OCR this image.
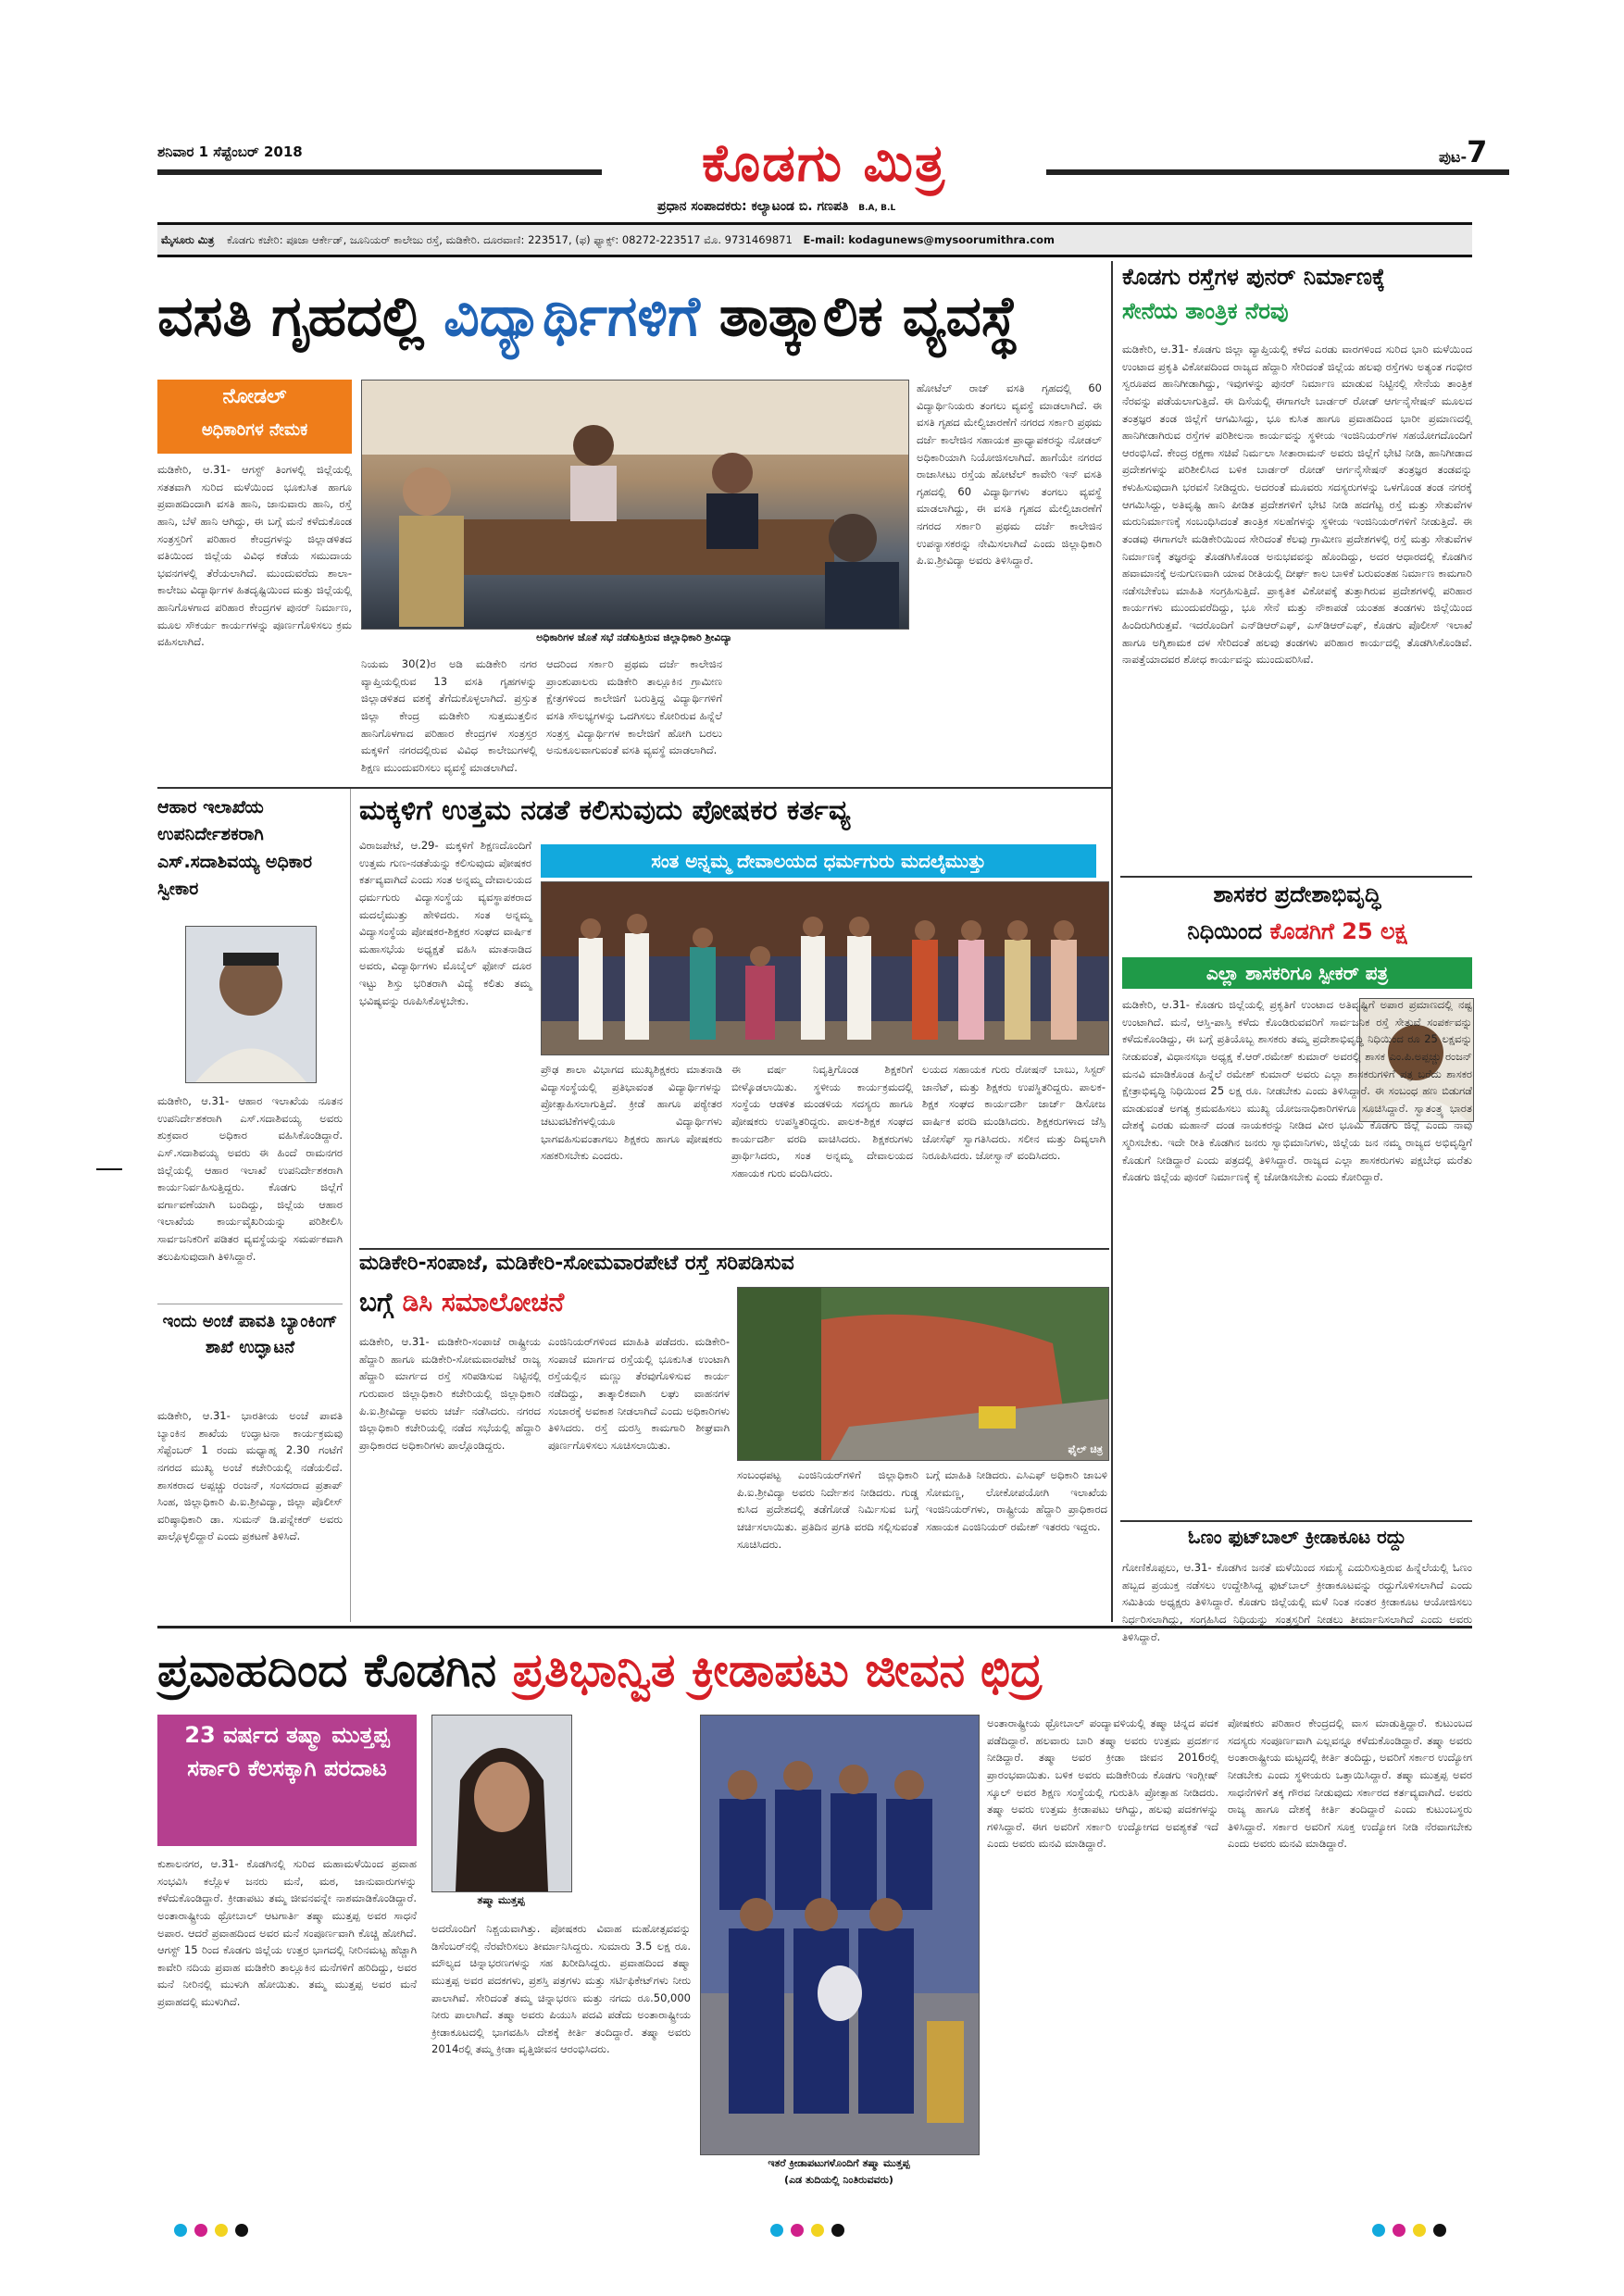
ಶನಿವಾರ 1 ಸೆಪ್ಟೆಂಬರ್ 2018	ಕೊಡಗು ಮಿತ್ರ
ಪ್ರಧಾನ ಸಂಪಾದಕರು: ಕಲ್ಯಾಟಂಡ ಬಿ. ಗಣಪತಿ B.A, B.L
ಪುಟ-7
ಮೈಸೂರು ಮಿತ್ರ ಕೊಡಗು ಕಚೇರಿ: ಪೂಜಾ ಆರ್ಕೇಡ್, ಜೂನಿಯರ್ ಕಾಲೇಜು ರಸ್ತೆ, ಮಡಿಕೇರಿ. ದೂರವಾಣಿ: 223517, (ಫ) ಫ್ಯಾಕ್ಸ್: 08272-223517 ಮೊ. 9731469871 E-mail: kodagunews@mysoorumithra.com
ವಸತಿ ಗೃಹದಲ್ಲಿ ವಿದ್ಯಾರ್ಥಿಗಳಿಗೆ ತಾತ್ಕಾಲಿಕ ವ್ಯವಸ್ಥೆ
ನೋಡಲ್
ಅಧಿಕಾರಿಗಳ ನೇಮಕ
ಮಡಿಕೇರಿ, ಆ.31- ಆಗಸ್ಟ್ ತಿಂಗಳಲ್ಲಿ ಜಿಲ್ಲೆಯಲ್ಲಿ ಸತತವಾಗಿ ಸುರಿದ ಮಳೆಯಿಂದ ಭೂಕುಸಿತ ಹಾಗೂ ಪ್ರವಾಹದಿಂದಾಗಿ ವಸತಿ ಹಾನಿ, ಜಾನುವಾರು ಹಾನಿ, ರಸ್ತೆ ಹಾನಿ, ಬೆಳೆ ಹಾನಿ ಆಗಿದ್ದು, ಈ ಬಗ್ಗೆ ಮನೆ ಕಳೆದುಕೊಂಡ ಸಂತ್ರಸ್ತರಿಗೆ ಪರಿಹಾರ ಕೇಂದ್ರಗಳನ್ನು ಜಿಲ್ಲಾಡಳಿತದ ವತಿಯಿಂದ ಜಿಲ್ಲೆಯ ವಿವಿಧ ಕಡೆಯ ಸಮುದಾಯ ಭವನಗಳಲ್ಲಿ ತೆರೆಯಲಾಗಿದೆ. ಮುಂದುವರೆದು ಶಾಲಾ-ಕಾಲೇಜು ವಿದ್ಯಾರ್ಥಿಗಳ ಹಿತದೃಷ್ಟಿಯಿಂದ ಮತ್ತು ಜಿಲ್ಲೆಯಲ್ಲಿ ಹಾನಿಗೊಳಗಾದ ಪರಿಹಾರ ಕೇಂದ್ರಗಳ ಪುನರ್ ನಿರ್ಮಾಣ, ಮೂಲ ಸೌಕರ್ಯ ಕಾರ್ಯಗಳನ್ನು ಪೂರ್ಣಗೊಳಿಸಲು ಕ್ರಮ ವಹಿಸಲಾಗಿದೆ.	ಅಧಿಕಾರಿಗಳ ಜೊತೆ ಸಭೆ ನಡೆಸುತ್ತಿರುವ ಜಿಲ್ಲಾಧಿಕಾರಿ ಶ್ರೀವಿದ್ಯಾ
ನಿಯಮ 30(2)ರ ಅಡಿ ಮಡಿಕೇರಿ ನಗರ ವ್ಯಾಪ್ತಿಯಲ್ಲಿರುವ 13 ವಸತಿ ಗೃಹಗಳನ್ನು ಜಿಲ್ಲಾಡಳಿತದ ವಶಕ್ಕೆ ತೆಗೆದುಕೊಳ್ಳಲಾಗಿದೆ. ಪ್ರಸ್ತುತ ಜಿಲ್ಲಾ ಕೇಂದ್ರ ಮಡಿಕೇರಿ ಸುತ್ತಮುತ್ತಲಿನ ಹಾನಿಗೊಳಗಾದ ಪರಿಹಾರ ಕೇಂದ್ರಗಳ ಸಂತ್ರಸ್ತರ ಮಕ್ಕಳಿಗೆ ನಗರದಲ್ಲಿರುವ ವಿವಿಧ ಕಾಲೇಜುಗಳಲ್ಲಿ ಶಿಕ್ಷಣ ಮುಂದುವರಿಸಲು ವ್ಯವಸ್ಥೆ ಮಾಡಲಾಗಿದೆ.
ಆದರಿಂದ ಸರ್ಕಾರಿ ಪ್ರಥಮ ದರ್ಜೆ ಕಾಲೇಜಿನ ಪ್ರಾಂಶುಪಾಲರು ಮಡಿಕೇರಿ ತಾಲ್ಲೂಕಿನ ಗ್ರಾಮೀಣ ಕ್ಷೇತ್ರಗಳಿಂದ ಕಾಲೇಜಿಗೆ ಬರುತ್ತಿದ್ದ ವಿದ್ಯಾರ್ಥಿಗಳಿಗೆ ವಸತಿ ಸೌಲಭ್ಯಗಳನ್ನು ಒದಗಿಸಲು ಕೋರಿರುವ ಹಿನ್ನೆಲೆ ಸಂತ್ರಸ್ತ ವಿದ್ಯಾರ್ಥಿಗಳ ಕಾಲೇಜಿಗೆ ಹೋಗಿ ಬರಲು ಅನುಕೂಲವಾಗುವಂತೆ ವಸತಿ ವ್ಯವಸ್ಥೆ ಮಾಡಲಾಗಿದೆ.
ಹೋಟೆಲ್ ರಾಜ್ ವಸತಿ ಗೃಹದಲ್ಲಿ 60 ವಿದ್ಯಾರ್ಥಿನಿಯರು ತಂಗಲು ವ್ಯವಸ್ಥೆ ಮಾಡಲಾಗಿದೆ. ಈ ವಸತಿ ಗೃಹದ ಮೇಲ್ವಿಚಾರಣೆಗೆ ನಗರದ ಸರ್ಕಾರಿ ಪ್ರಥಮ ದರ್ಜೆ ಕಾಲೇಜಿನ ಸಹಾಯಕ ಪ್ರಾಧ್ಯಾಪಕರನ್ನು ನೋಡಲ್ ಅಧಿಕಾರಿಯಾಗಿ ನಿಯೋಜಿಸಲಾಗಿದೆ. ಹಾಗೆಯೇ ನಗರದ ರಾಜಾಸೀಟು ರಸ್ತೆಯ ಹೋಟೆಲ್ ಕಾವೇರಿ ಇನ್ ವಸತಿ ಗೃಹದಲ್ಲಿ 60 ವಿದ್ಯಾರ್ಥಿಗಳು ತಂಗಲು ವ್ಯವಸ್ಥೆ ಮಾಡಲಾಗಿದ್ದು, ಈ ವಸತಿ ಗೃಹದ ಮೇಲ್ವಿಚಾರಣೆಗೆ ನಗರದ ಸರ್ಕಾರಿ ಪ್ರಥಮ ದರ್ಜೆ ಕಾಲೇಜಿನ ಉಪನ್ಯಾಸಕರನ್ನು ನೇಮಿಸಲಾಗಿದೆ ಎಂದು ಜಿಲ್ಲಾಧಿಕಾರಿ ಪಿ.ಐ.ಶ್ರೀವಿದ್ಯಾ ಅವರು ತಿಳಿಸಿದ್ದಾರೆ.
ಕೊಡಗು ರಸ್ತೆಗಳ ಪುನರ್ ನಿರ್ಮಾಣಕ್ಕೆ
ಸೇನೆಯ ತಾಂತ್ರಿಕ ನೆರವು
ಮಡಿಕೇರಿ, ಆ.31- ಕೊಡಗು ಜಿಲ್ಲಾ ವ್ಯಾಪ್ತಿಯಲ್ಲಿ ಕಳೆದ ಎರಡು ವಾರಗಳಿಂದ ಸುರಿದ ಭಾರಿ ಮಳೆಯಿಂದ ಉಂಟಾದ ಪ್ರಕೃತಿ ವಿಕೋಪದಿಂದ ರಾಜ್ಯದ ಹೆದ್ದಾರಿ ಸೇರಿದಂತೆ ಜಿಲ್ಲೆಯ ಹಲವು ರಸ್ತೆಗಳು ಅತ್ಯಂತ ಗಂಭೀರ ಸ್ವರೂಪದ ಹಾನಿಗೀಡಾಗಿದ್ದು, ಇವುಗಳನ್ನು ಪುನರ್ ನಿರ್ಮಾಣ ಮಾಡುವ ನಿಟ್ಟಿನಲ್ಲಿ ಸೇನೆಯ ತಾಂತ್ರಿಕ ನೆರವನ್ನು ಪಡೆಯಲಾಗುತ್ತಿದೆ. ಈ ದಿಸೆಯಲ್ಲಿ ಈಗಾಗಲೇ ಬಾರ್ಡರ್ ರೋಡ್ ಆರ್ಗನೈಸೇಷನ್ ಮೂಲದ ತಂತ್ರಜ್ಞರ ತಂಡ ಜಿಲ್ಲೆಗೆ ಆಗಮಿಸಿದ್ದು, ಭೂ ಕುಸಿತ ಹಾಗೂ ಪ್ರವಾಹದಿಂದ ಭಾರೀ ಪ್ರಮಾಣದಲ್ಲಿ ಹಾನಿಗೀಡಾಗಿರುವ ರಸ್ತೆಗಳ ಪರಿಶೀಲನಾ ಕಾರ್ಯವನ್ನು ಸ್ಥಳೀಯ ಇಂಜಿನಿಯರ್‌ಗಳ ಸಹಯೋಗದೊಂದಿಗೆ ಆರಂಭಿಸಿದೆ. ಕೇಂದ್ರ ರಕ್ಷಣಾ ಸಚಿವೆ ನಿರ್ಮಲಾ ಸೀತಾರಾಮನ್ ಅವರು ಜಿಲ್ಲೆಗೆ ಭೇಟಿ ನೀಡಿ, ಹಾನಿಗೀಡಾದ ಪ್ರದೇಶಗಳನ್ನು ಪರಿಶೀಲಿಸಿದ ಬಳಿಕ ಬಾರ್ಡರ್ ರೋಡ್ ಆರ್ಗನೈಸೇಷನ್ ತಂತ್ರಜ್ಞರ ತಂಡವನ್ನು ಕಳುಹಿಸುವುದಾಗಿ ಭರವಸೆ ನೀಡಿದ್ದರು. ಅದರಂತೆ ಮೂವರು ಸದಸ್ಯರುಗಳನ್ನು ಒಳಗೊಂಡ ತಂಡ ನಗರಕ್ಕೆ ಆಗಮಿಸಿದ್ದು, ಅತಿವೃಷ್ಟಿ ಹಾನಿ ಪೀಡಿತ ಪ್ರದೇಶಗಳಿಗೆ ಭೇಟಿ ನೀಡಿ ಹದಗೆಟ್ಟ ರಸ್ತೆ ಮತ್ತು ಸೇತುವೆಗಳ ಮರುನಿರ್ಮಾಣಕ್ಕೆ ಸಂಬಂಧಿಸಿದಂತೆ ತಾಂತ್ರಿಕ ಸಲಹೆಗಳನ್ನು ಸ್ಥಳೀಯ ಇಂಜಿನಿಯರ್‌ಗಳಿಗೆ ನೀಡುತ್ತಿದೆ. ಈ ತಂಡವು ಈಗಾಗಲೇ ಮಡಿಕೇರಿಯಿಂದ ಸೇರಿದಂತೆ ಕೆಲವು ಗ್ರಾಮೀಣ ಪ್ರದೇಶಗಳಲ್ಲಿ ರಸ್ತೆ ಮತ್ತು ಸೇತುವೆಗಳ ನಿರ್ಮಾಣಕ್ಕೆ ತಜ್ಞರನ್ನು ತೊಡಗಿಸಿಕೊಂಡ ಅನುಭವವನ್ನು ಹೊಂದಿದ್ದು, ಅದರ ಆಧಾರದಲ್ಲಿ ಕೊಡಗಿನ ಹವಾಮಾನಕ್ಕೆ ಅನುಗುಣವಾಗಿ ಯಾವ ರೀತಿಯಲ್ಲಿ ದೀರ್ಘ ಕಾಲ ಬಾಳಿಕೆ ಬರುವಂತಹ ನಿರ್ಮಾಣ ಕಾಮಗಾರಿ ನಡೆಸಬೇಕೆಂಬ ಮಾಹಿತಿ ಸಂಗ್ರಹಿಸುತ್ತಿದೆ. ಪ್ರಾಕೃತಿಕ ವಿಕೋಪಕ್ಕೆ ತುತ್ತಾಗಿರುವ ಪ್ರದೇಶಗಳಲ್ಲಿ ಪರಿಹಾರ ಕಾರ್ಯಗಳು ಮುಂದುವರೆದಿದ್ದು, ಭೂ ಸೇನೆ ಮತ್ತು ನೌಕಾಪಡೆ ಯಂತಹ ತಂಡಗಳು ಜಿಲ್ಲೆಯಿಂದ ಹಿಂದಿರುಗಿರುತ್ತವೆ. ಇದರೊಂದಿಗೆ ಎನ್‌ಡಿಆರ್‌ಎಫ್, ಎಸ್‌ಡಿಆರ್‌ಎಫ್, ಕೊಡಗು ಪೊಲೀಸ್ ಇಲಾಖೆ ಹಾಗೂ ಅಗ್ನಿಶಾಮಕ ದಳ ಸೇರಿದಂತೆ ಹಲವು ತಂಡಗಳು ಪರಿಹಾರ ಕಾರ್ಯದಲ್ಲಿ ತೊಡಗಿಸಿಕೊಂಡಿವೆ. ನಾಪತ್ತೆಯಾದವರ ಶೋಧ ಕಾರ್ಯವನ್ನು ಮುಂದುವರಿಸಿವೆ.
ಆಹಾರ ಇಲಾಖೆಯ ಉಪನಿರ್ದೇಶಕರಾಗಿ ಎಸ್.ಸದಾಶಿವಯ್ಯ ಅಧಿಕಾರ ಸ್ವೀಕಾರ
ಮಡಿಕೇರಿ, ಆ.31- ಆಹಾರ ಇಲಾಖೆಯ ನೂತನ ಉಪನಿರ್ದೇಶಕರಾಗಿ ಎಸ್.ಸದಾಶಿವಯ್ಯ ಅವರು ಶುಕ್ರವಾರ ಅಧಿಕಾರ ವಹಿಸಿಕೊಂಡಿದ್ದಾರೆ. ಎಸ್.ಸದಾಶಿವಯ್ಯ ಅವರು ಈ ಹಿಂದೆ ರಾಮನಗರ ಜಿಲ್ಲೆಯಲ್ಲಿ ಆಹಾರ ಇಲಾಖೆ ಉಪನಿರ್ದೇಶಕರಾಗಿ ಕಾರ್ಯನಿರ್ವಹಿಸುತ್ತಿದ್ದರು. ಕೊಡಗು ಜಿಲ್ಲೆಗೆ ವರ್ಗಾವಣೆಯಾಗಿ ಬಂದಿದ್ದು, ಜಿಲ್ಲೆಯ ಆಹಾರ ಇಲಾಖೆಯ ಕಾರ್ಯವೈಖರಿಯನ್ನು ಪರಿಶೀಲಿಸಿ ಸಾರ್ವಜನಿಕರಿಗೆ ಪಡಿತರ ವ್ಯವಸ್ಥೆಯನ್ನು ಸಮರ್ಪಕವಾಗಿ ತಲುಪಿಸುವುದಾಗಿ ತಿಳಿಸಿದ್ದಾರೆ.
ಇಂದು ಅಂಚೆ ಪಾವತಿ ಬ್ಯಾಂಕಿಂಗ್ ಶಾಖೆ ಉದ್ಘಾಟನೆ
ಮಡಿಕೇರಿ, ಆ.31- ಭಾರತೀಯ ಅಂಚೆ ಪಾವತಿ ಬ್ಯಾಂಕಿನ ಶಾಖೆಯ ಉದ್ಘಾಟನಾ ಕಾರ್ಯಕ್ರಮವು ಸೆಪ್ಟೆಂಬರ್ 1 ರಂದು ಮಧ್ಯಾಹ್ನ 2.30 ಗಂಟೆಗೆ ನಗರದ ಮುಖ್ಯ ಅಂಚೆ ಕಚೇರಿಯಲ್ಲಿ ನಡೆಯಲಿದೆ. ಶಾಸಕರಾದ ಅಪ್ಪಚ್ಚು ರಂಜನ್, ಸಂಸದರಾದ ಪ್ರತಾಪ್ ಸಿಂಹ, ಜಿಲ್ಲಾಧಿಕಾರಿ ಪಿ.ಐ.ಶ್ರೀವಿದ್ಯಾ, ಜಿಲ್ಲಾ ಪೊಲೀಸ್ ವರಿಷ್ಠಾಧಿಕಾರಿ ಡಾ. ಸುಮನ್ ಡಿ.ಪನ್ನೇಕರ್ ಅವರು ಪಾಲ್ಗೊಳ್ಳಲಿದ್ದಾರೆ ಎಂದು ಪ್ರಕಟಣೆ ತಿಳಿಸಿದೆ.
ಮಕ್ಕಳಿಗೆ ಉತ್ತಮ ನಡತೆ ಕಲಿಸುವುದು ಪೋಷಕರ ಕರ್ತವ್ಯ
ಸಂತ ಅನ್ನಮ್ಮ ದೇವಾಲಯದ ಧರ್ಮಗುರು ಮದಲೈಮುತ್ತು
ವಿರಾಜಪೇಟೆ, ಆ.29- ಮಕ್ಕಳಿಗೆ ಶಿಕ್ಷಣದೊಂದಿಗೆ ಉತ್ತಮ ಗುಣ-ನಡತೆಯನ್ನು ಕಲಿಸುವುದು ಪೋಷಕರ ಕರ್ತವ್ಯವಾಗಿದೆ ಎಂದು ಸಂತ ಅನ್ನಮ್ಮ ದೇವಾಲಯದ ಧರ್ಮಗುರು ವಿದ್ಯಾಸಂಸ್ಥೆಯ ವ್ಯವಸ್ಥಾಪಕರಾದ ಮದಲೈಮುತ್ತು ಹೇಳಿದರು. ಸಂತ ಅನ್ನಮ್ಮ ವಿದ್ಯಾಸಂಸ್ಥೆಯ ಪೋಷಕರ-ಶಿಕ್ಷಕರ ಸಂಘದ ವಾರ್ಷಿಕ ಮಹಾಸಭೆಯ ಅಧ್ಯಕ್ಷತೆ ವಹಿಸಿ ಮಾತನಾಡಿದ ಅವರು, ವಿದ್ಯಾರ್ಥಿಗಳು ಮೊಬೈಲ್ ಫೋನ್ ದೂರ ಇಟ್ಟು ಶಿಸ್ತು ಭರಿತರಾಗಿ ವಿದ್ಯೆ ಕಲಿತು ತಮ್ಮ ಭವಿಷ್ಯವನ್ನು ರೂಪಿಸಿಕೊಳ್ಳಬೇಕು.
ಪ್ರೌಢ ಶಾಲಾ ವಿಭಾಗದ ಮುಖ್ಯಶಿಕ್ಷಕರು ಮಾತನಾಡಿ ವಿದ್ಯಾಸಂಸ್ಥೆಯಲ್ಲಿ ಪ್ರತಿಭಾವಂತ ವಿದ್ಯಾರ್ಥಿಗಳನ್ನು ಪ್ರೋತ್ಸಾಹಿಸಲಾಗುತ್ತಿದೆ. ಕ್ರೀಡೆ ಹಾಗೂ ಪಠ್ಯೇತರ ಚಟುವಟಿಕೆಗಳಲ್ಲಿಯೂ ವಿದ್ಯಾರ್ಥಿಗಳು ಭಾಗವಹಿಸುವಂತಾಗಲು ಶಿಕ್ಷಕರು ಹಾಗೂ ಪೋಷಕರು ಸಹಕರಿಸಬೇಕು ಎಂದರು.
ಈ ವರ್ಷ ನಿವೃತ್ತಿಗೊಂಡ ಶಿಕ್ಷಕರಿಗೆ ಬೀಳ್ಕೊಡಲಾಯಿತು. ಸ್ಥಳೀಯ ಕಾರ್ಯಕ್ರಮದಲ್ಲಿ ಸಂಸ್ಥೆಯ ಆಡಳಿತ ಮಂಡಳಿಯ ಸದಸ್ಯರು ಹಾಗೂ ಪೋಷಕರು ಉಪಸ್ಥಿತರಿದ್ದರು. ಪಾಲಕ-ಶಿಕ್ಷಕ ಸಂಘದ ಕಾರ್ಯದರ್ಶಿ ವರದಿ ವಾಚಿಸಿದರು. ಶಿಕ್ಷಕರುಗಳು ಪ್ರಾರ್ಥಿಸಿದರು, ಸಂತ ಅನ್ನಮ್ಮ ದೇವಾಲಯದ ಸಹಾಯಕ ಗುರು ವಂದಿಸಿದರು.
ಲಯದ ಸಹಾಯಕ ಗುರು ರೋಷನ್ ಬಾಬು, ಸಿಸ್ಟರ್ ಜಾನೆಟ್, ಮತ್ತು ಶಿಕ್ಷಕರು ಉಪಸ್ಥಿತರಿದ್ದರು. ಪಾಲಕ-ಶಿಕ್ಷಕ ಸಂಘದ ಕಾರ್ಯದರ್ಶಿ ಜಾರ್ಜ್ ಡಿಸೋಜ ವಾರ್ಷಿಕ ವರದಿ ಮಂಡಿಸಿದರು. ಶಿಕ್ಷಕರುಗಳಾದ ಜೆಸ್ಸಿ ಜೋಸೆಫ್ ಸ್ವಾಗತಿಸಿದರು. ಸಲೀನ ಮತ್ತು ದಿವ್ಯಲಾಗಿ ನಿರೂಪಿಸಿದರು. ಜೋಸ್ವಾನ್ ವಂದಿಸಿದರು.
ಮಡಿಕೇರಿ-ಸಂಪಾಜೆ, ಮಡಿಕೇರಿ-ಸೋಮವಾರಪೇಟೆ ರಸ್ತೆ ಸರಿಪಡಿಸುವ
ಬಗ್ಗೆ ಡಿಸಿ ಸಮಾಲೋಚನೆ
ಫೈಲ್ ಚಿತ್ರ
ಮಡಿಕೇರಿ, ಆ.31- ಮಡಿಕೇರಿ-ಸಂಪಾಜೆ ರಾಷ್ಟ್ರೀಯ ಹೆದ್ದಾರಿ ಹಾಗೂ ಮಡಿಕೇರಿ-ಸೋಮವಾರಪೇಟೆ ರಾಜ್ಯ ಹೆದ್ದಾರಿ ಮಾರ್ಗದ ರಸ್ತೆ ಸರಿಪಡಿಸುವ ನಿಟ್ಟಿನಲ್ಲಿ ಗುರುವಾರ ಜಿಲ್ಲಾಧಿಕಾರಿ ಕಚೇರಿಯಲ್ಲಿ ಜಿಲ್ಲಾಧಿಕಾರಿ ಪಿ.ಐ.ಶ್ರೀವಿದ್ಯಾ ಅವರು ಚರ್ಚೆ ನಡೆಸಿದರು. ನಗರದ ಜಿಲ್ಲಾಧಿಕಾರಿ ಕಚೇರಿಯಲ್ಲಿ ನಡೆದ ಸಭೆಯಲ್ಲಿ ಹೆದ್ದಾರಿ ಪ್ರಾಧಿಕಾರದ ಅಧಿಕಾರಿಗಳು ಪಾಲ್ಗೊಂಡಿದ್ದರು.
ಎಂಜಿನಿಯರ್‌ಗಳಿಂದ ಮಾಹಿತಿ ಪಡೆದರು. ಮಡಿಕೇರಿ-ಸಂಪಾಜೆ ಮಾರ್ಗದ ರಸ್ತೆಯಲ್ಲಿ ಭೂಕುಸಿತ ಉಂಟಾಗಿ ರಸ್ತೆಯಲ್ಲಿನ ಮಣ್ಣು ತೆರವುಗೊಳಿಸುವ ಕಾರ್ಯ ನಡೆದಿದ್ದು, ತಾತ್ಕಾಲಿಕವಾಗಿ ಲಘು ವಾಹನಗಳ ಸಂಚಾರಕ್ಕೆ ಅವಕಾಶ ನೀಡಲಾಗಿದೆ ಎಂದು ಅಧಿಕಾರಿಗಳು ತಿಳಿಸಿದರು. ರಸ್ತೆ ದುರಸ್ತಿ ಕಾಮಗಾರಿ ಶೀಘ್ರವಾಗಿ ಪೂರ್ಣಗೊಳಿಸಲು ಸೂಚಿಸಲಾಯಿತು.
ಸಂಬಂಧಪಟ್ಟ ಎಂಜಿನಿಯರ್‌ಗಳಿಗೆ ಜಿಲ್ಲಾಧಿಕಾರಿ ಪಿ.ಐ.ಶ್ರೀವಿದ್ಯಾ ಅವರು ನಿರ್ದೇಶನ ನೀಡಿದರು. ಗುಡ್ಡ ಕುಸಿದ ಪ್ರದೇಶದಲ್ಲಿ ತಡೆಗೋಡೆ ನಿರ್ಮಿಸುವ ಬಗ್ಗೆ ಚರ್ಚಿಸಲಾಯಿತು. ಪ್ರತಿದಿನ ಪ್ರಗತಿ ವರದಿ ಸಲ್ಲಿಸುವಂತೆ ಸೂಚಿಸಿದರು.
ಬಗ್ಗೆ ಮಾಹಿತಿ ನೀಡಿದರು. ಎಸಿಎಫ್ ಅಧಿಕಾರಿ ಜಾಬಳಿ ಸೋಮಣ್ಣ, ಲೋಕೋಪಯೋಗಿ ಇಲಾಖೆಯ ಇಂಜಿನಿಯರ್‌ಗಳು, ರಾಷ್ಟ್ರೀಯ ಹೆದ್ದಾರಿ ಪ್ರಾಧಿಕಾರದ ಸಹಾಯಕ ಎಂಜಿನಿಯರ್ ರಮೇಶ್ ಇತರರು ಇದ್ದರು.
ಶಾಸಕರ ಪ್ರದೇಶಾಭಿವೃದ್ಧಿ
ನಿಧಿಯಿಂದ ಕೊಡಗಿಗೆ 25 ಲಕ್ಷ
ಎಲ್ಲಾ ಶಾಸಕರಿಗೂ ಸ್ಪೀಕರ್ ಪತ್ರ
ಮಡಿಕೇರಿ, ಆ.31- ಕೊಡಗು ಜಿಲ್ಲೆಯಲ್ಲಿ ಪ್ರಕೃತಿಗೆ ಉಂಟಾದ ಅತಿವೃಷ್ಟಿಗೆ ಅಪಾರ ಪ್ರಮಾಣದಲ್ಲಿ ನಷ್ಟ ಉಂಟಾಗಿದೆ. ಮನೆ, ಆಸ್ತಿ-ಪಾಸ್ತಿ ಕಳೆದು ಕೊಂಡಿರುವವರಿಗೆ ಸಾರ್ವಜನಿಕ ರಸ್ತೆ ಸೇತುವೆ ಸಂಪರ್ಕವನ್ನು ಕಳೆದುಕೊಂಡಿದ್ದು, ಈ ಬಗ್ಗೆ ಪ್ರತಿಯೊಬ್ಬ ಶಾಸಕರು ತಮ್ಮ ಪ್ರದೇಶಾಭಿವೃದ್ಧಿ ನಿಧಿಯಿಂದ ರೂ 25 ಲಕ್ಷವನ್ನು ನೀಡುವಂತೆ, ವಿಧಾನಸಭಾ ಅಧ್ಯಕ್ಷ ಕೆ.ಆರ್.ರಮೇಶ್ ಕುಮಾರ್ ಅವರಲ್ಲಿ ಶಾಸಕ ಎಂ.ಪಿ.ಅಪ್ಪಚ್ಚು ರಂಜನ್ ಮನವಿ ಮಾಡಿಕೊಂಡ ಹಿನ್ನೆಲೆ ರಮೇಶ್ ಕುಮಾರ್ ಅವರು ಎಲ್ಲಾ ಶಾಸಕರುಗಳಿಗೆ ಪತ್ರ ಬರೆದು ಶಾಸಕರ ಕ್ಷೇತ್ರಾಭಿವೃದ್ಧಿ ನಿಧಿಯಿಂದ 25 ಲಕ್ಷ ರೂ. ನೀಡಬೇಕು ಎಂದು ತಿಳಿಸಿದ್ದಾರೆ. ಈ ಸಂಬಂಧ ಹಣ ಬಿಡುಗಡೆ ಮಾಡುವಂತೆ ಅಗತ್ಯ ಕ್ರಮವಹಿಸಲು ಮುಖ್ಯ ಯೋಜನಾಧಿಕಾರಿಗಳಿಗೂ ಸೂಚಿಸಿದ್ದಾರೆ. ಸ್ವಾತಂತ್ರ್ಯ ಭಾರತ ದೇಶಕ್ಕೆ ಎರಡು ಮಹಾನ್ ದಂಡ ನಾಯಕರನ್ನು ನೀಡಿದ ವೀರ ಭೂಮಿ ಕೊಡಗು ಜಿಲ್ಲೆ ಎಂದು ನಾವು ಸ್ಮರಿಸಬೇಕು. ಇದೇ ರೀತಿ ಕೊಡಗಿನ ಜನರು ಸ್ವಾಭಿಮಾನಿಗಳು, ಜಿಲ್ಲೆಯ ಜನ ನಮ್ಮ ರಾಜ್ಯದ ಅಭಿವೃದ್ಧಿಗೆ ಕೊಡುಗೆ ನೀಡಿದ್ದಾರೆ ಎಂದು ಪತ್ರದಲ್ಲಿ ತಿಳಿಸಿದ್ದಾರೆ. ರಾಜ್ಯದ ಎಲ್ಲಾ ಶಾಸಕರುಗಳು ಪಕ್ಷಬೇಧ ಮರೆತು ಕೊಡಗು ಜಿಲ್ಲೆಯ ಪುನರ್ ನಿರ್ಮಾಣಕ್ಕೆ ಕೈ ಜೋಡಿಸಬೇಕು ಎಂದು ಕೋರಿದ್ದಾರೆ.
ಓಣಂ ಫುಟ್‌ಬಾಲ್ ಕ್ರೀಡಾಕೂಟ ರದ್ದು
ಗೋಣಿಕೊಪ್ಪಲು, ಆ.31- ಕೊಡಗಿನ ಜನತೆ ಮಳೆಯಿಂದ ಸಮಸ್ಯೆ ಎದುರಿಸುತ್ತಿರುವ ಹಿನ್ನೆಲೆಯಲ್ಲಿ ಓಣಂ ಹಬ್ಬದ ಪ್ರಯುಕ್ತ ನಡೆಸಲು ಉದ್ದೇಶಿಸಿದ್ದ ಫುಟ್‌ಬಾಲ್ ಕ್ರೀಡಾಕೂಟವನ್ನು ರದ್ದುಗೊಳಿಸಲಾಗಿದೆ ಎಂದು ಸಮಿತಿಯ ಅಧ್ಯಕ್ಷರು ತಿಳಿಸಿದ್ದಾರೆ. ಕೊಡಗು ಜಿಲ್ಲೆಯಲ್ಲಿ ಮಳೆ ನಿಂತ ನಂತರ ಕ್ರೀಡಾಕೂಟ ಆಯೋಜಿಸಲು ನಿರ್ಧರಿಸಲಾಗಿದ್ದು, ಸಂಗ್ರಹಿಸಿದ ನಿಧಿಯನ್ನು ಸಂತ್ರಸ್ತರಿಗೆ ನೀಡಲು ತೀರ್ಮಾನಿಸಲಾಗಿದೆ ಎಂದು ಅವರು ತಿಳಿಸಿದ್ದಾರೆ.
ಪ್ರವಾಹದಿಂದ ಕೊಡಗಿನ ಪ್ರತಿಭಾನ್ವಿತ ಕ್ರೀಡಾಪಟು ಜೀವನ ಛಿದ್ರ
23 ವರ್ಷದ ತಷ್ಮಾ ಮುತ್ತಪ್ಪ ಸರ್ಕಾರಿ ಕೆಲಸಕ್ಕಾಗಿ ಪರದಾಟ
ಕುಶಾಲನಗರ, ಆ.31- ಕೊಡಗಿನಲ್ಲಿ ಸುರಿದ ಮಹಾಮಳೆಯಿಂದ ಪ್ರವಾಹ ಸಂಭವಿಸಿ ಕಲ್ಲೊಳ ಜನರು ಮನೆ, ಮಠ, ಜಾನುವಾರುಗಳನ್ನು ಕಳೆದುಕೊಂಡಿದ್ದಾರೆ. ಕ್ರೀಡಾಪಟು ತಮ್ಮ ಜೀವನವನ್ನೇ ನಾಶಮಾಡಿಕೊಂಡಿದ್ದಾರೆ. ಅಂತಾರಾಷ್ಟ್ರೀಯ ಥ್ರೋಬಾಲ್ ಆಟಗಾರ್ತಿ ತಷ್ಮಾ ಮುತ್ತಪ್ಪ ಅವರ ಸಾಧನೆ ಅಪಾರ. ಆದರೆ ಪ್ರವಾಹದಿಂದ ಅವರ ಮನೆ ಸಂಪೂರ್ಣವಾಗಿ ಕೊಚ್ಚಿ ಹೋಗಿದೆ. ಆಗಸ್ಟ್ 15 ರಿಂದ ಕೊಡಗು ಜಿಲ್ಲೆಯ ಉತ್ತರ ಭಾಗದಲ್ಲಿ ನೀರಿನಮಟ್ಟ ಹೆಚ್ಚಾಗಿ ಕಾವೇರಿ ನದಿಯ ಪ್ರವಾಹ ಮಡಿಕೇರಿ ತಾಲ್ಲೂಕಿನ ಮನೆಗಳಿಗೆ ಹರಿದಿದ್ದು, ಅವರ ಮನೆ ನೀರಿನಲ್ಲಿ ಮುಳುಗಿ ಹೋಯಿತು. ತಮ್ಮ ಮುತ್ತಪ್ಪ ಅವರ ಮನೆ ಪ್ರವಾಹದಲ್ಲಿ ಮುಳುಗಿದೆ.
ತಷ್ಮಾ ಮುತ್ತಪ್ಪ
ಅದರೊಂದಿಗೆ ನಿಶ್ಚಯವಾಗಿತ್ತು. ಪೋಷಕರು ವಿವಾಹ ಮಹೋತ್ಸವವನ್ನು ಡಿಸೆಂಬರ್‌ನಲ್ಲಿ ನೆರವೇರಿಸಲು ತೀರ್ಮಾನಿಸಿದ್ದರು. ಸುಮಾರು 3.5 ಲಕ್ಷ ರೂ. ಮೌಲ್ಯದ ಚಿನ್ನಾಭರಣಗಳನ್ನು ಸಹ ಖರೀದಿಸಿದ್ದರು. ಪ್ರವಾಹದಿಂದ ತಷ್ಮಾ ಮುತ್ತಪ್ಪ ಅವರ ಪದಕಗಳು, ಪ್ರಶಸ್ತಿ ಪತ್ರಗಳು ಮತ್ತು ಸರ್ಟಿಫಿಕೇಟ್‌ಗಳು ನೀರು ಪಾಲಾಗಿವೆ. ಸೇರಿದಂತೆ ತಮ್ಮ ಚಿನ್ನಾಭರಣ ಮತ್ತು ನಗದು ರೂ.50,000 ನೀರು ಪಾಲಾಗಿದೆ. ತಷ್ಮಾ ಅವರು ಪಿಯುಸಿ ಪದವಿ ಪಡೆದು ಅಂತಾರಾಷ್ಟ್ರೀಯ ಕ್ರೀಡಾಕೂಟದಲ್ಲಿ ಭಾಗವಹಿಸಿ ದೇಶಕ್ಕೆ ಕೀರ್ತಿ ತಂದಿದ್ದಾರೆ. ತಷ್ಮಾ ಅವರು 2014ರಲ್ಲಿ ತಮ್ಮ ಕ್ರೀಡಾ ವೃತ್ತಿಜೀವನ ಆರಂಭಿಸಿದರು.
ಇತರೆ ಕ್ರೀಡಾಪಟುಗಳೊಂದಿಗೆ ತಷ್ಮಾ ಮುತ್ತಪ್ಪ
(ಎಡ ತುದಿಯಲ್ಲಿ ನಿಂತಿರುವವರು)
ಅಂತಾರಾಷ್ಟ್ರೀಯ ಥ್ರೋಬಾಲ್ ಪಂದ್ಯಾವಳಿಯಲ್ಲಿ ತಷ್ಮಾ ಚಿನ್ನದ ಪದಕ ಪಡೆದಿದ್ದಾರೆ. ಹಲವಾರು ಬಾರಿ ತಷ್ಮಾ ಅವರು ಉತ್ತಮ ಪ್ರದರ್ಶನ ನೀಡಿದ್ದಾರೆ. ತಷ್ಮಾ ಅವರ ಕ್ರೀಡಾ ಜೀವನ 2016ರಲ್ಲಿ ಪ್ರಾರಂಭವಾಯಿತು. ಬಳಿಕ ಅವರು ಮಡಿಕೇರಿಯ ಕೊಡಗು ಇಂಗ್ಲೀಷ್ ಸ್ಕೂಲ್ ಅವರ ಶಿಕ್ಷಣ ಸಂಸ್ಥೆಯಲ್ಲಿ ಗುರುತಿಸಿ ಪ್ರೋತ್ಸಾಹ ನೀಡಿದರು. ತಷ್ಮಾ ಅವರು ಉತ್ತಮ ಕ್ರೀಡಾಪಟು ಆಗಿದ್ದು, ಹಲವು ಪದಕಗಳನ್ನು ಗಳಿಸಿದ್ದಾರೆ. ಈಗ ಅವರಿಗೆ ಸರ್ಕಾರಿ ಉದ್ಯೋಗದ ಅವಶ್ಯಕತೆ ಇದೆ ಎಂದು ಅವರು ಮನವಿ ಮಾಡಿದ್ದಾರೆ.
ಪೋಷಕರು ಪರಿಹಾರ ಕೇಂದ್ರದಲ್ಲಿ ವಾಸ ಮಾಡುತ್ತಿದ್ದಾರೆ. ಕುಟುಂಬದ ಸದಸ್ಯರು ಸಂಪೂರ್ಣವಾಗಿ ಎಲ್ಲವನ್ನೂ ಕಳೆದುಕೊಂಡಿದ್ದಾರೆ. ತಷ್ಮಾ ಅವರು ಅಂತಾರಾಷ್ಟ್ರೀಯ ಮಟ್ಟದಲ್ಲಿ ಕೀರ್ತಿ ತಂದಿದ್ದು, ಅವರಿಗೆ ಸರ್ಕಾರ ಉದ್ಯೋಗ ನೀಡಬೇಕು ಎಂದು ಸ್ಥಳೀಯರು ಒತ್ತಾಯಿಸಿದ್ದಾರೆ. ತಷ್ಮಾ ಮುತ್ತಪ್ಪ ಅವರ ಸಾಧನೆಗಳಿಗೆ ತಕ್ಕ ಗೌರವ ನೀಡುವುದು ಸರ್ಕಾರದ ಕರ್ತವ್ಯವಾಗಿದೆ. ಅವರು ರಾಜ್ಯ ಹಾಗೂ ದೇಶಕ್ಕೆ ಕೀರ್ತಿ ತಂದಿದ್ದಾರೆ ಎಂದು ಕುಟುಂಬಸ್ಥರು ತಿಳಿಸಿದ್ದಾರೆ. ಸರ್ಕಾರ ಅವರಿಗೆ ಸೂಕ್ತ ಉದ್ಯೋಗ ನೀಡಿ ನೆರವಾಗಬೇಕು ಎಂದು ಅವರು ಮನವಿ ಮಾಡಿದ್ದಾರೆ.
